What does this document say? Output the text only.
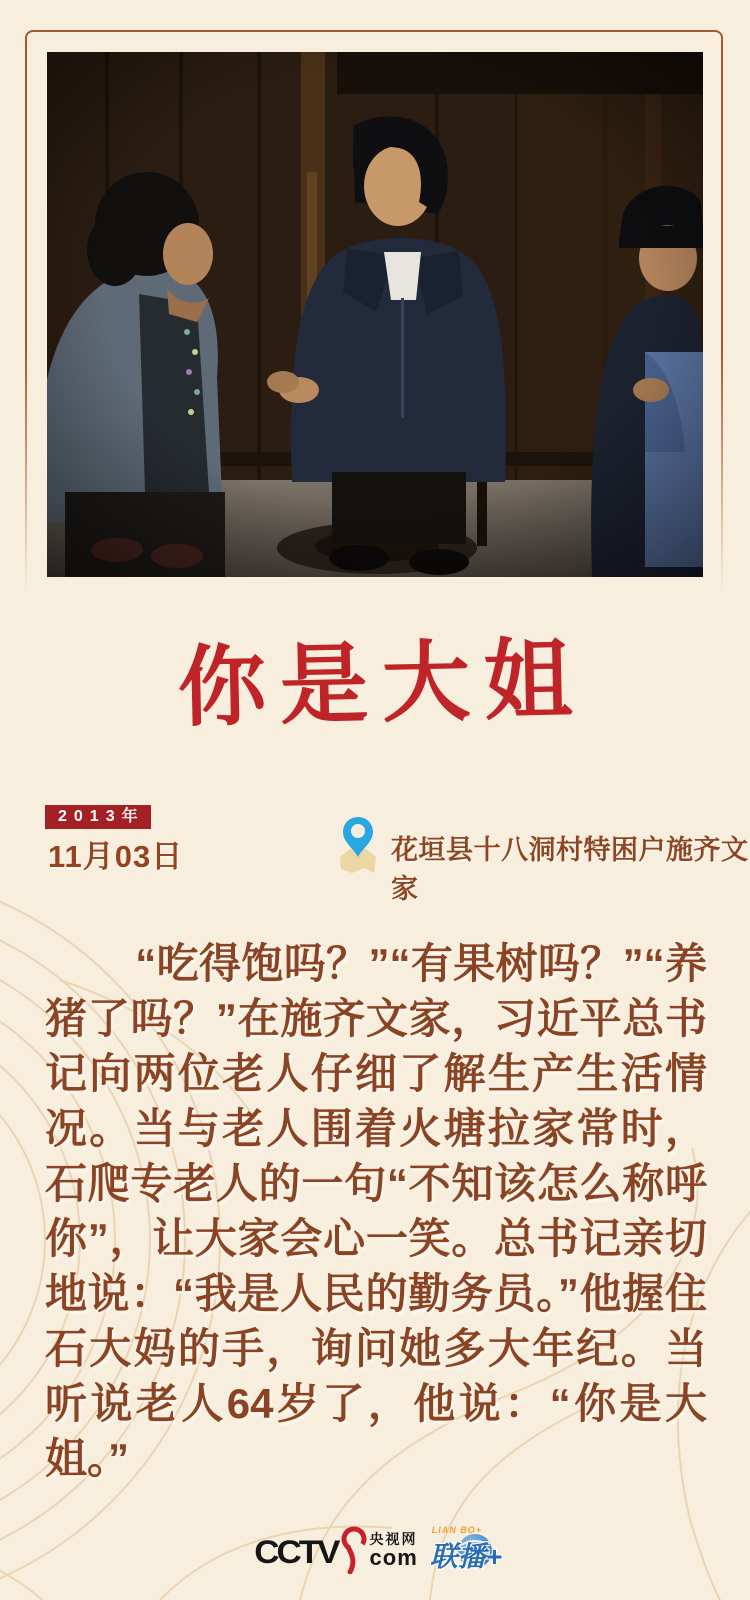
你是大姐
2013年
11月03日	花垣县十八洞村特困户施齐文家

“吃得饱吗？”“有果树吗？”“养猪了吗？”在施齐文家，习近平总书记向两位老人仔细了解生产生活情况。当与老人围着火塘拉家常时，石爬专老人的一句“不知该怎么称呼你”，让大家会心一笑。总书记亲切地说：“我是人民的勤务员。”他握住石大妈的手，询问她多大年纪。当听说老人64岁了，他说：“你是大姐。”

CCTV 央视网
com
LIAN BO+
联播+
